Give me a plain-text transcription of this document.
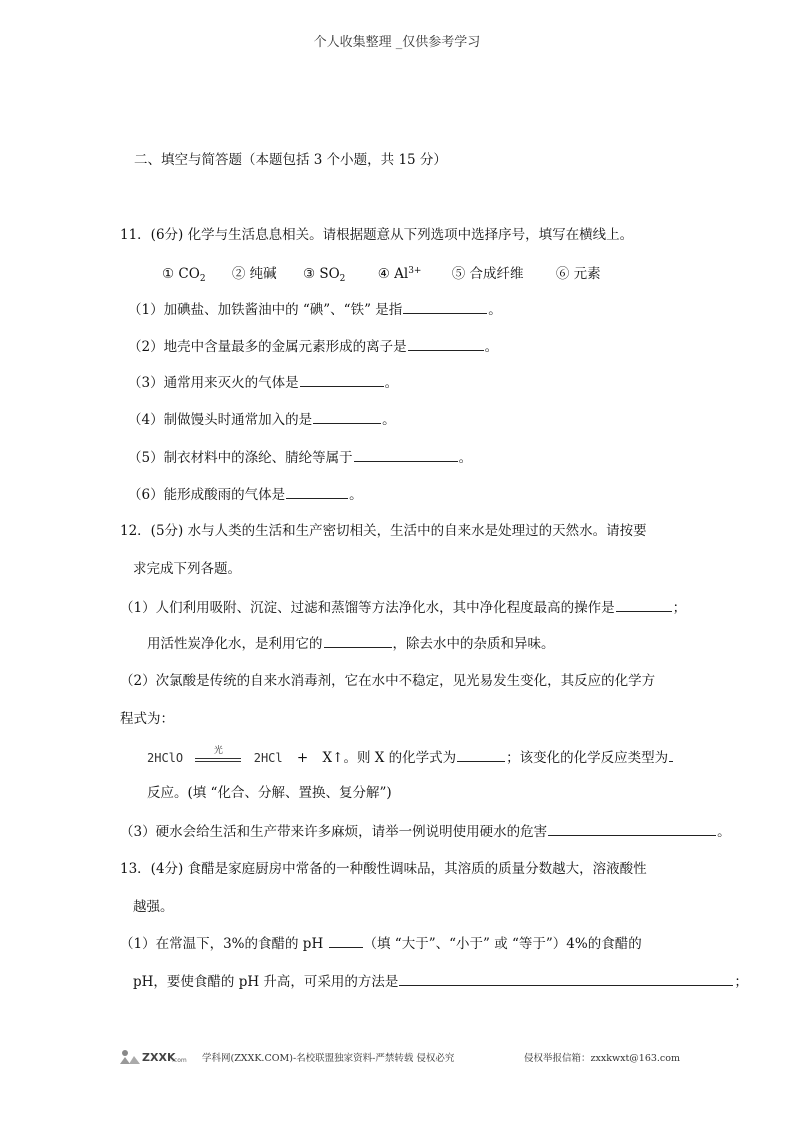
个人收集整理 _仅供参考学习
二、填空与简答题（本题包括 3 个小题，共 15 分）
11．(6分) 化学与生活息息相关。请根据题意从下列选项中选择序号，填写在横线上。
① $CO_2$ ② 纯碱 ③ $SO_2$ ④ $Al^{3+}$ ⑤ 合成纤维 ⑥ 元素
（1）加碘盐、加铁酱油中的 “碘”、“铁” 是指	。
（2）地壳中含量最多的金属元素形成的离子是	。
（3）通常用来灭火的气体是	。
（4）制做馒头时通常加入的是	。
（5）制衣材料中的涤纶、腈纶等属于	。
（6）能形成酸雨的气体是	。
12．(5分) 水与人类的生活和生产密切相关，生活中的自来水是处理过的天然水。请按要
求完成下列各题。
（1）人们利用吸附、沉淀、过滤和蒸馏等方法净化水，其中净化程度最高的操作是	；
用活性炭净化水，是利用它的	，除去水中的杂质和异味。
（2）次氯酸是传统的自来水消毒剂，它在水中不稳定，见光易发生变化，其反应的化学方
程式为：
2HClO
光
2HCl + X↑。则 X 的化学式为	；该变化的化学反应类型为
反应。(填 “化合、分解、置换、复分解”)
（3）硬水会给生活和生产带来许多麻烦，请举一例说明使用硬水的危害	。
13．(4分) 食醋是家庭厨房中常备的一种酸性调味品，其溶质的质量分数越大，溶液酸性
越强。
（1）在常温下，3%的食醋的 pH	（填 “大于”、“小于” 或 “等于”）4%的食醋的
pH，要使食醋的 pH 升高，可采用的方法是	；
ZXXK
.com 学科网(ZXXK.COM)-名校联盟独家资料-严禁转载 侵权必究	侵权举报信箱：zxxkwxt@163.com
